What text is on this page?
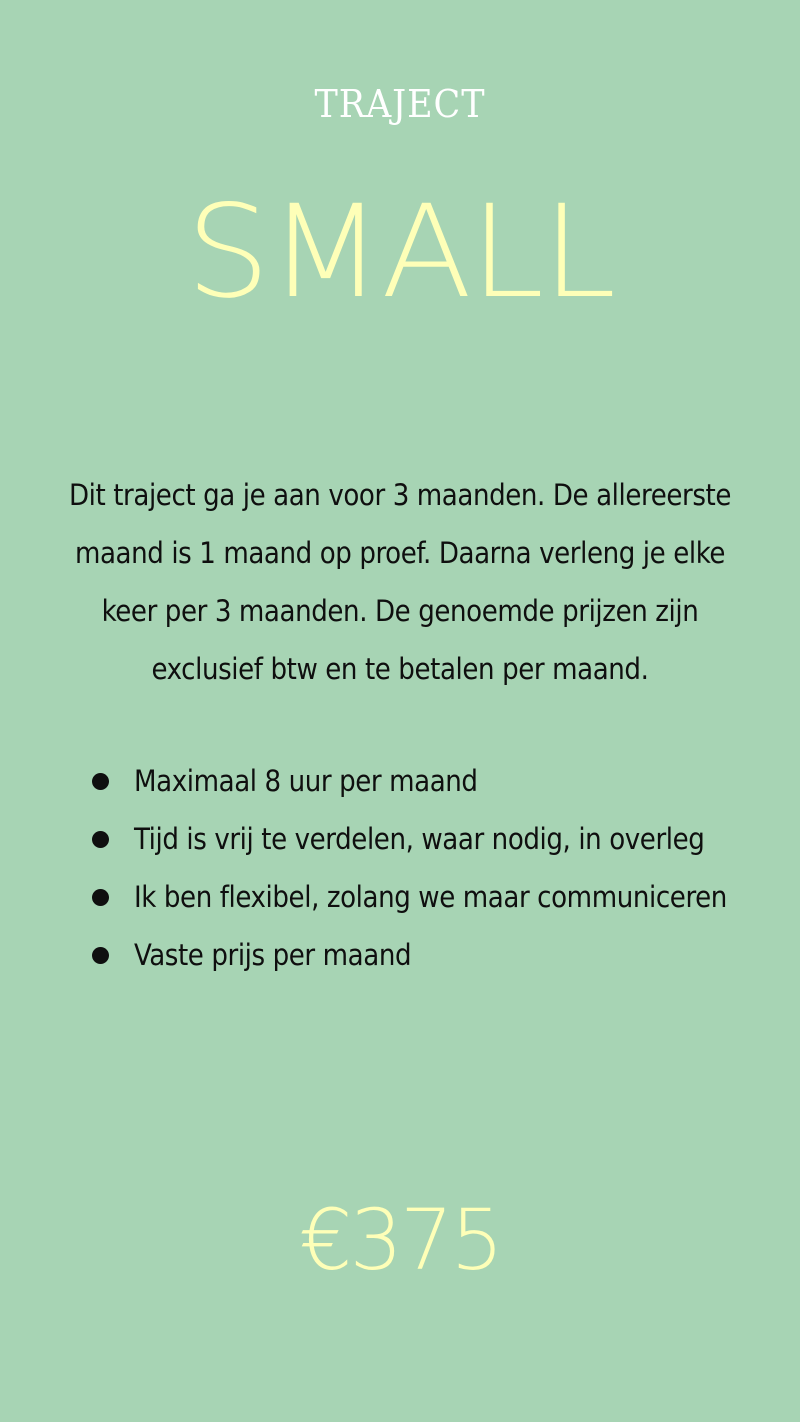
TRAJECT
SMALL
Dit traject ga je aan voor 3 maanden. De allereerste maand is 1 maand op proef. Daarna verleng je elke keer per 3 maanden. De genoemde prijzen zijn exclusief btw en te betalen per maand.
Maximaal 8 uur per maand
Tijd is vrij te verdelen, waar nodig, in overleg
Ik ben flexibel, zolang we maar communiceren
Vaste prijs per maand
€375
